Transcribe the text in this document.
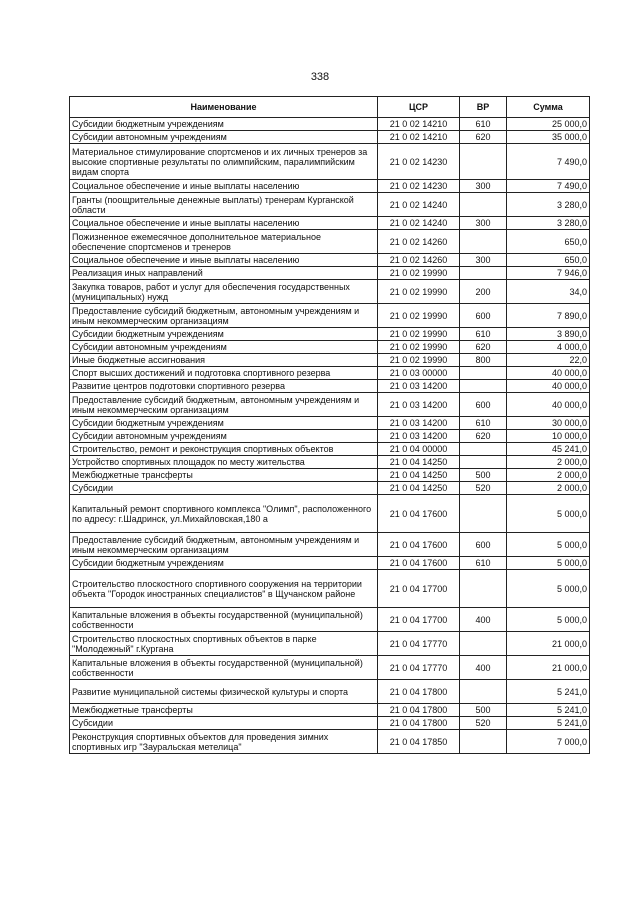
338
Наименование	ЦСР	ВР	Сумма
Субсидии бюджетным учреждениям	21 0 02 14210	610	25 000,0
Субсидии автономным учреждениям	21 0 02 14210	620	35 000,0
Материальное стимулирование спортсменов и их личных тренеров за высокие спортивные результаты по олимпийским, паралимпийским видам спорта	21 0 02 14230		7 490,0
Социальное обеспечение и иные выплаты населению	21 0 02 14230	300	7 490,0
Гранты (поощрительные денежные выплаты) тренерам Курганской области	21 0 02 14240		3 280,0
Социальное обеспечение и иные выплаты населению	21 0 02 14240	300	3 280,0
Пожизненное ежемесячное дополнительное материальное обеспечение спортсменов и тренеров	21 0 02 14260		650,0
Социальное обеспечение и иные выплаты населению	21 0 02 14260	300	650,0
Реализация иных направлений	21 0 02 19990		7 946,0
Закупка товаров, работ и услуг для обеспечения государственных (муниципальных) нужд	21 0 02 19990	200	34,0
Предоставление субсидий бюджетным, автономным учреждениям и иным некоммерческим организациям	21 0 02 19990	600	7 890,0
Субсидии бюджетным учреждениям	21 0 02 19990	610	3 890,0
Субсидии автономным учреждениям	21 0 02 19990	620	4 000,0
Иные бюджетные ассигнования	21 0 02 19990	800	22,0
Спорт высших достижений и подготовка спортивного резерва	21 0 03 00000		40 000,0
Развитие центров подготовки спортивного резерва	21 0 03 14200		40 000,0
Предоставление субсидий бюджетным, автономным учреждениям и иным некоммерческим организациям	21 0 03 14200	600	40 000,0
Субсидии бюджетным учреждениям	21 0 03 14200	610	30 000,0
Субсидии автономным учреждениям	21 0 03 14200	620	10 000,0
Строительство, ремонт и реконструкция спортивных объектов	21 0 04 00000		45 241,0
Устройство спортивных площадок по месту жительства	21 0 04 14250		2 000,0
Межбюджетные трансферты	21 0 04 14250	500	2 000,0
Субсидии	21 0 04 14250	520	2 000,0
Капитальный ремонт спортивного комплекса "Олимп", расположенного по адресу: г.Шадринск, ул.Михайловская,180 а	21 0 04 17600		5 000,0
Предоставление субсидий бюджетным, автономным учреждениям и иным некоммерческим организациям	21 0 04 17600	600	5 000,0
Субсидии бюджетным учреждениям	21 0 04 17600	610	5 000,0
Строительство плоскостного спортивного сооружения на территории объекта "Городок иностранных специалистов" в Щучанском районе	21 0 04 17700		5 000,0
Капитальные вложения в объекты государственной (муниципальной) собственности	21 0 04 17700	400	5 000,0
Строительство плоскостных спортивных объектов в парке "Молодежный" г.Кургана	21 0 04 17770		21 000,0
Капитальные вложения в объекты государственной (муниципальной) собственности	21 0 04 17770	400	21 000,0
Развитие муниципальной системы физической культуры и спорта	21 0 04 17800		5 241,0
Межбюджетные трансферты	21 0 04 17800	500	5 241,0
Субсидии	21 0 04 17800	520	5 241,0
Реконструкция спортивных объектов для проведения зимних спортивных игр "Зауральская метелица"	21 0 04 17850		7 000,0
